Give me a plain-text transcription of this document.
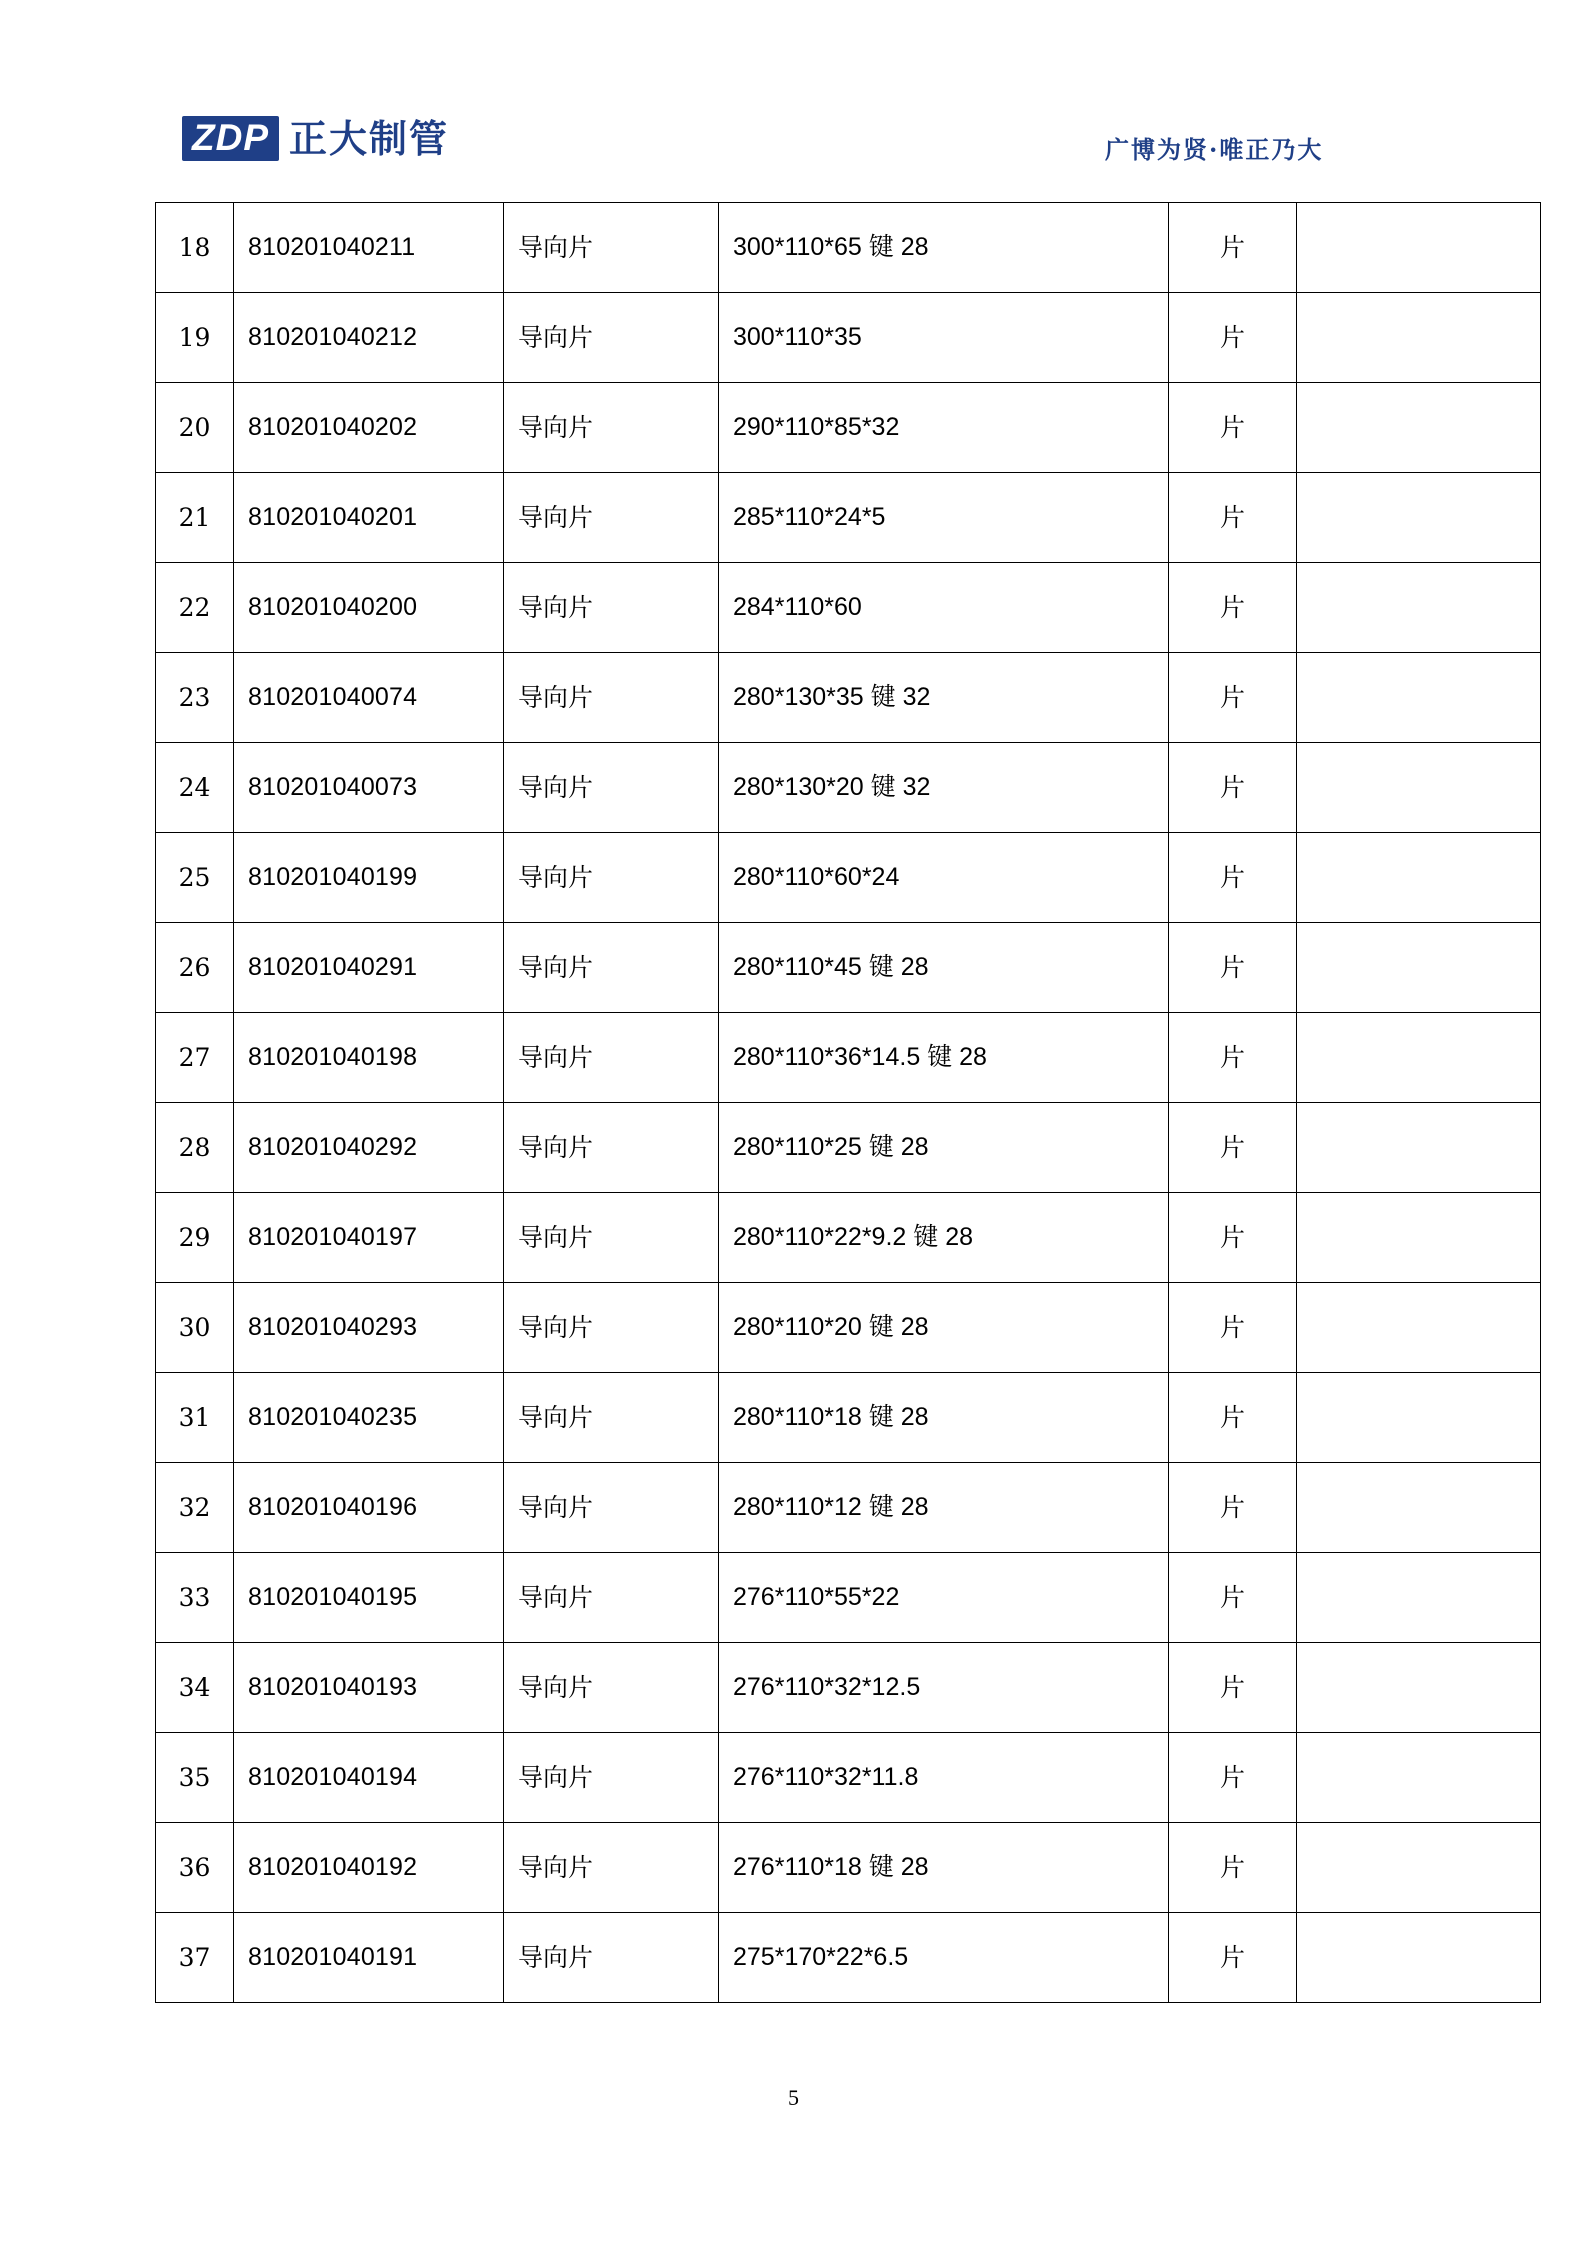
ZDP 正大制管	广博为贤·唯正乃大
18	810201040211	导向片	300*110*65 键 28	片	
19	810201040212	导向片	300*110*35	片	
20	810201040202	导向片	290*110*85*32	片	
21	810201040201	导向片	285*110*24*5	片	
22	810201040200	导向片	284*110*60	片	
23	810201040074	导向片	280*130*35 键 32	片	
24	810201040073	导向片	280*130*20 键 32	片	
25	810201040199	导向片	280*110*60*24	片	
26	810201040291	导向片	280*110*45 键 28	片	
27	810201040198	导向片	280*110*36*14.5 键 28	片	
28	810201040292	导向片	280*110*25 键 28	片	
29	810201040197	导向片	280*110*22*9.2 键 28	片	
30	810201040293	导向片	280*110*20 键 28	片	
31	810201040235	导向片	280*110*18 键 28	片	
32	810201040196	导向片	280*110*12 键 28	片	
33	810201040195	导向片	276*110*55*22	片	
34	810201040193	导向片	276*110*32*12.5	片	
35	810201040194	导向片	276*110*32*11.8	片	
36	810201040192	导向片	276*110*18 键 28	片	
37	810201040191	导向片	275*170*22*6.5	片	
5
